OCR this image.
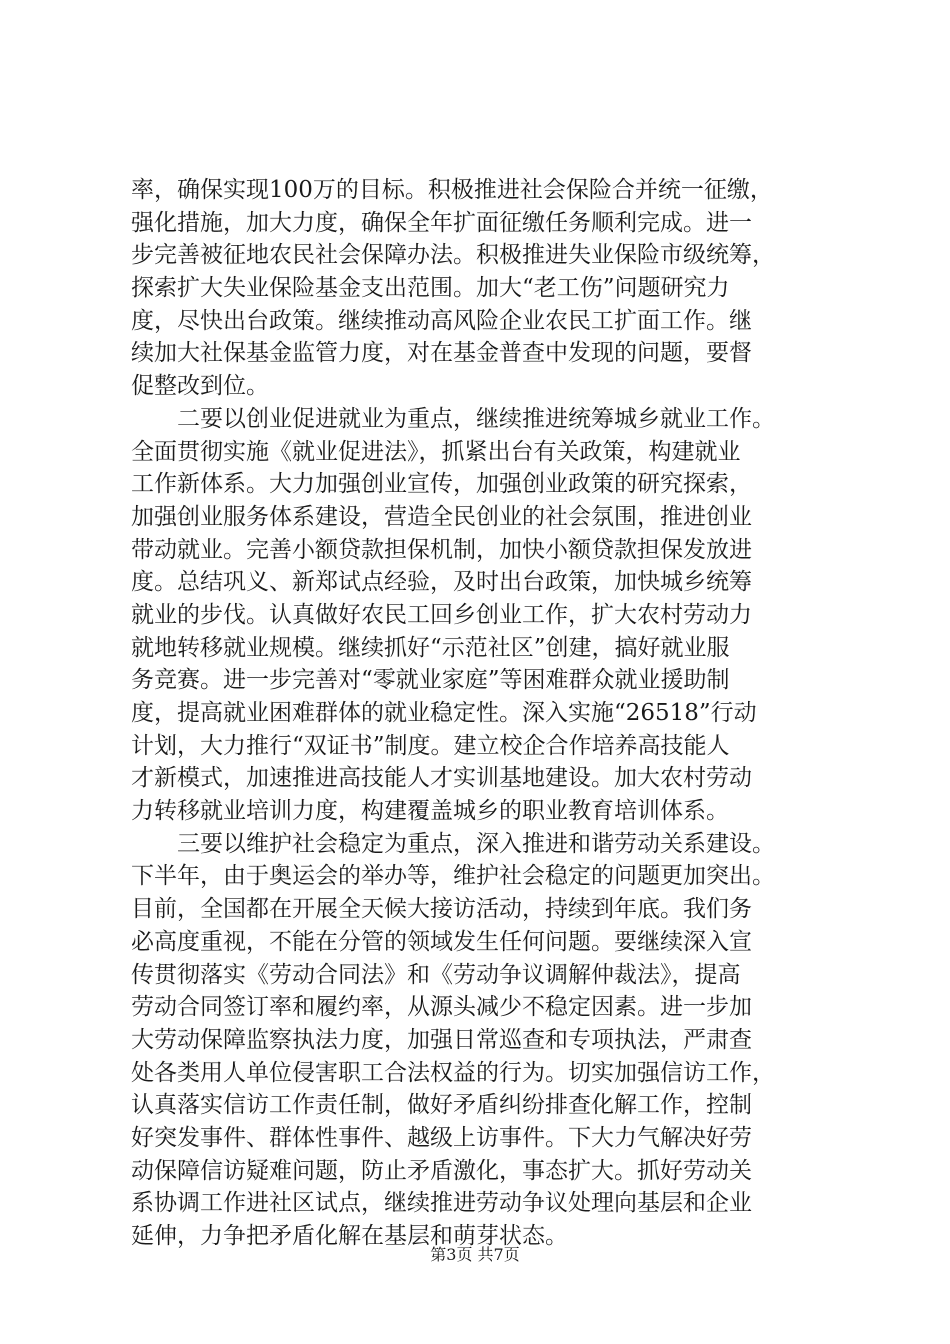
率，确保实现100万的目标。积极推进社会保险合并统一征缴，
强化措施，加大力度，确保全年扩面征缴任务顺利完成。进一
步完善被征地农民社会保障办法。积极推进失业保险市级统筹，
探索扩大失业保险基金支出范围。加大“老工伤”问题研究力
度，尽快出台政策。继续推动高风险企业农民工扩面工作。继
续加大社保基金监管力度，对在基金普查中发现的问题，要督
促整改到位。
　　二要以创业促进就业为重点，继续推进统筹城乡就业工作。
全面贯彻实施《就业促进法》，抓紧出台有关政策，构建就业
工作新体系。大力加强创业宣传，加强创业政策的研究探索，
加强创业服务体系建设，营造全民创业的社会氛围，推进创业
带动就业。完善小额贷款担保机制，加快小额贷款担保发放进
度。总结巩义、新郑试点经验，及时出台政策，加快城乡统筹
就业的步伐。认真做好农民工回乡创业工作，扩大农村劳动力
就地转移就业规模。继续抓好“示范社区”创建，搞好就业服
务竞赛。进一步完善对“零就业家庭”等困难群众就业援助制
度，提高就业困难群体的就业稳定性。深入实施“26518”行动
计划，大力推行“双证书”制度。建立校企合作培养高技能人
才新模式，加速推进高技能人才实训基地建设。加大农村劳动
力转移就业培训力度，构建覆盖城乡的职业教育培训体系。
　　三要以维护社会稳定为重点，深入推进和谐劳动关系建设。
下半年，由于奥运会的举办等，维护社会稳定的问题更加突出。
目前，全国都在开展全天候大接访活动，持续到年底。我们务
必高度重视，不能在分管的领域发生任何问题。要继续深入宣
传贯彻落实《劳动合同法》和《劳动争议调解仲裁法》，提高
劳动合同签订率和履约率，从源头减少不稳定因素。进一步加
大劳动保障监察执法力度，加强日常巡查和专项执法，严肃查
处各类用人单位侵害职工合法权益的行为。切实加强信访工作，
认真落实信访工作责任制，做好矛盾纠纷排查化解工作，控制
好突发事件、群体性事件、越级上访事件。下大力气解决好劳
动保障信访疑难问题，防止矛盾激化，事态扩大。抓好劳动关
系协调工作进社区试点，继续推进劳动争议处理向基层和企业
延伸，力争把矛盾化解在基层和萌芽状态。
第3页 共7页
